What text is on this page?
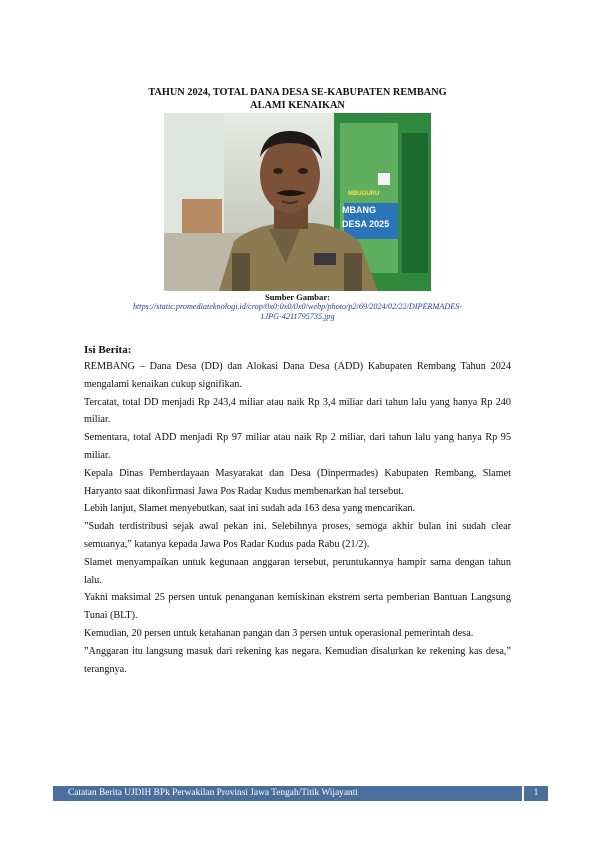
TAHUN 2024, TOTAL DANA DESA SE-KABUPATEN REMBANG
ALAMI KENAIKAN
MBANG
DESA 2025
MBUGURU
Sumber Gambar:
https://static.promediateknologi.id/crop/0x0:0x0/0x0/webp/photo/p2/69/2024/02/22/DIPERMADES-
1JPG-4211795735.jpg
Isi Berita:

REMBANG – Dana Desa (DD) dan Alokasi Dana Desa (ADD) Kabupaten Rembang Tahun 2024 mengalami kenaikan cukup signifikan.

Tercatat, total DD menjadi Rp 243,4 miliar atau naik Rp 3,4 miliar dari tahun lalu yang hanya Rp 240 miliar.

Sementara, total ADD menjadi Rp 97 miliar atau naik Rp 2 miliar, dari tahun lalu yang hanya Rp 95 miliar.

Kepala Dinas Pemberdayaan Masyarakat dan Desa (Dinpermades) Kabupaten Rembang, Slamet Haryanto saat dikonfirmasi Jawa Pos Radar Kudus membenarkan hal tersebut.

Lebih lanjut, Slamet menyebutkan, saat ini sudah ada 163 desa yang mencarikan.

”Sudah terdistribusi sejak awal pekan ini. Selebihnya proses, semoga akhir bulan ini sudah clear semuanya,” katanya kepada Jawa Pos Radar Kudus pada Rabu (21/2).

Slamet menyampaikan untuk kegunaan anggaran tersebut, peruntukannya hampir sama dengan tahun lalu.

Yakni maksimal 25 persen untuk penanganan kemiskinan ekstrem serta pemberian Bantuan Langsung Tunai (BLT).

Kemudian, 20 persen untuk ketahanan pangan dan 3 persen untuk operasional pemerintah desa.

”Anggaran itu langsung masuk dari rekening kas negara. Kemudian disalurkan ke rekening kas desa,” terangnya.

Catatan Berita UJDIH BPk Perwakilan Provinsi Jawa Tengah/Titik Wijayanti	1
